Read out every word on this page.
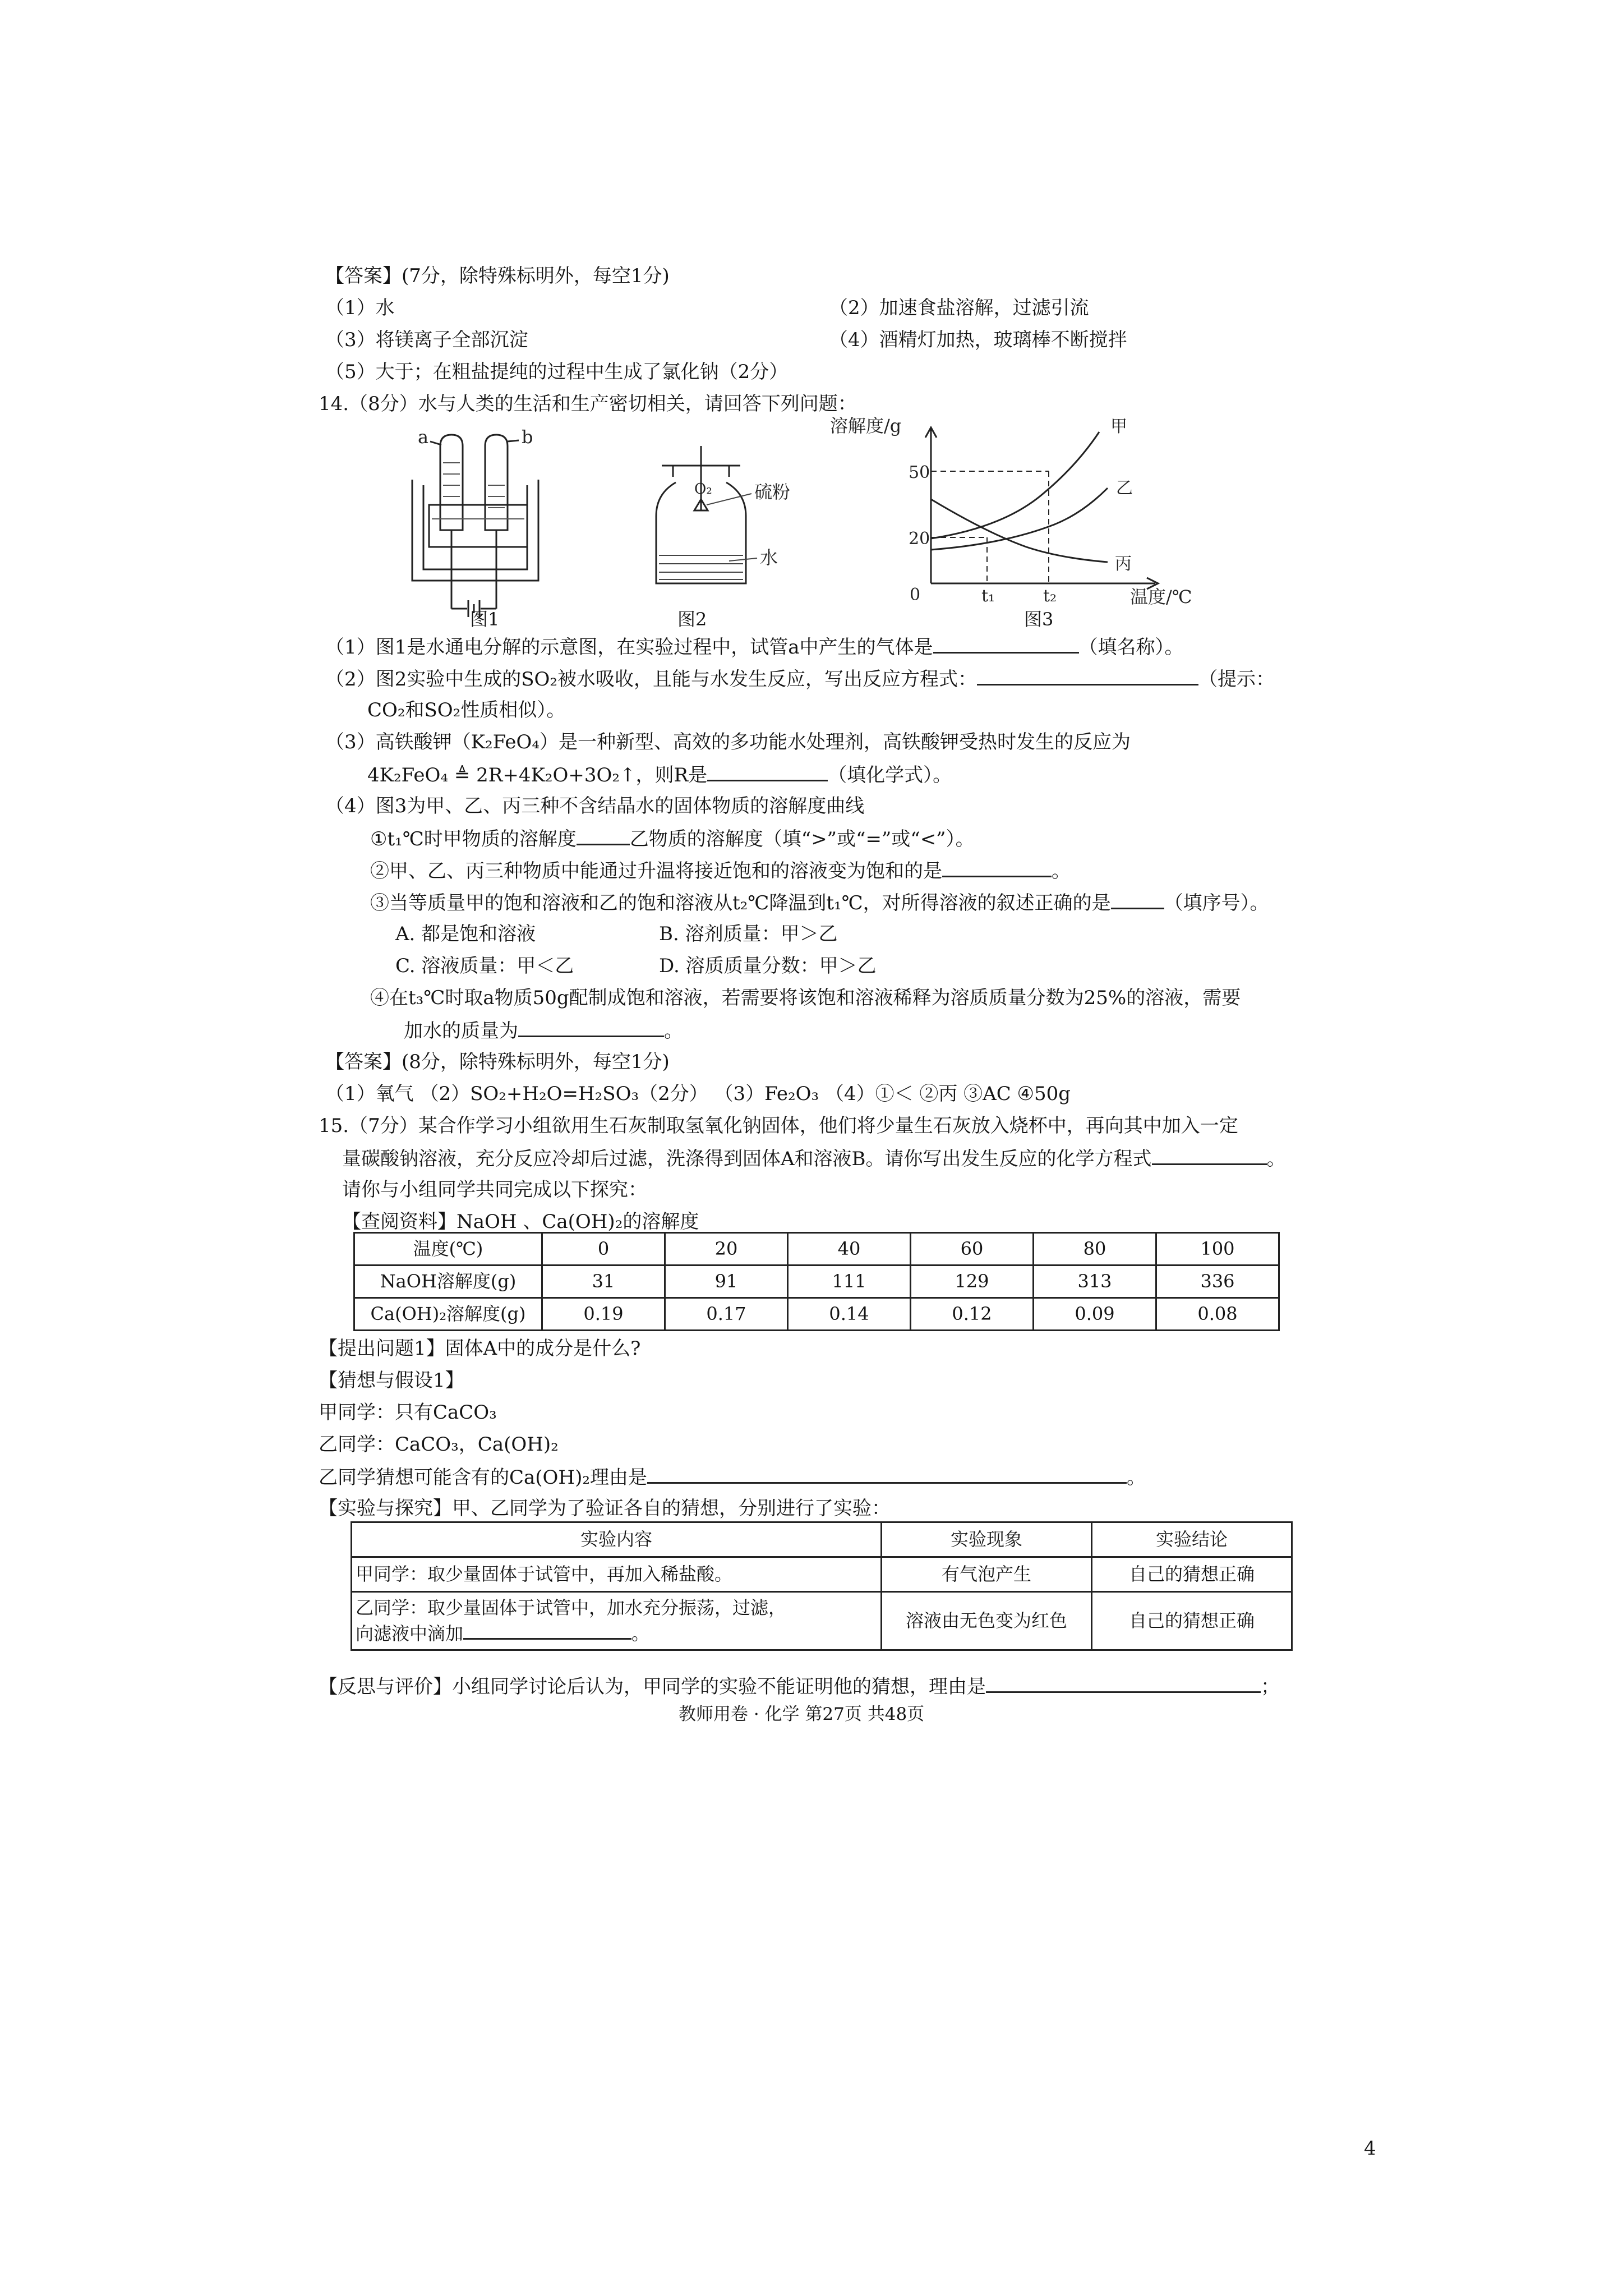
【答案】(7分，除特殊标明外，每空1分)
（1）水	（2）加速食盐溶解，过滤引流
（3）将镁离子全部沉淀	（4）酒精灯加热，玻璃棒不断搅拌
（5）大于；在粗盐提纯的过程中生成了氯化钠（2分）
14.（8分）水与人类的生活和生产密切相关，请回答下列问题：
a	b
图1
O₂ 硫粉
水
图2
溶解度/g
50
20
0	t₁	t₂	温度/℃
甲
乙
丙
图3
（1）图1是水通电分解的示意图，在实验过程中，试管a中产生的气体是	（填名称）。
（2）图2实验中生成的SO₂被水吸收，且能与水发生反应，写出反应方程式：	（提示：
CO₂和SO₂性质相似）。
（3）高铁酸钾（K₂FeO₄）是一种新型、高效的多功能水处理剂，高铁酸钾受热时发生的反应为
4K₂FeO₄ ≜ 2R+4K₂O+3O₂↑，则R是	（填化学式）。
（4）图3为甲、乙、丙三种不含结晶水的固体物质的溶解度曲线
①t₁℃时甲物质的溶解度	乙物质的溶解度（填“>”或“=”或“<”）。
②甲、乙、丙三种物质中能通过升温将接近饱和的溶液变为饱和的是	。
③当等质量甲的饱和溶液和乙的饱和溶液从t₂℃降温到t₁℃，对所得溶液的叙述正确的是	（填序号）。
A. 都是饱和溶液	B. 溶剂质量：甲＞乙
C. 溶液质量：甲＜乙	D. 溶质质量分数：甲＞乙
④在t₃℃时取a物质50g配制成饱和溶液，若需要将该饱和溶液稀释为溶质质量分数为25%的溶液，需要
加水的质量为	。
【答案】(8分，除特殊标明外，每空1分)
（1）氧气 （2）SO₂+H₂O=H₂SO₃（2分） （3）Fe₂O₃ （4）①＜ ②丙 ③AC ④50g
15.（7分）某合作学习小组欲用生石灰制取氢氧化钠固体，他们将少量生石灰放入烧杯中，再向其中加入一定
量碳酸钠溶液，充分反应冷却后过滤，洗涤得到固体A和溶液B。请你写出发生反应的化学方程式	。
请你与小组同学共同完成以下探究：
【查阅资料】NaOH 、Ca(OH)₂的溶解度
温度(℃)	0	20	40	60	80	100
NaOH溶解度(g)	31	91	111	129	313	336
Ca(OH)₂溶解度(g)	0.19	0.17	0.14	0.12	0.09	0.08
【提出问题1】固体A中的成分是什么?
【猜想与假设1】
甲同学：只有CaCO₃
乙同学：CaCO₃，Ca(OH)₂
乙同学猜想可能含有的Ca(OH)₂理由是	。
【实验与探究】甲、乙同学为了验证各自的猜想，分别进行了实验：
实验内容	实验现象	实验结论
甲同学：取少量固体于试管中，再加入稀盐酸。	有气泡产生	自己的猜想正确

乙同学：取少量固体于试管中，加水充分振荡，过滤，
向滤液中滴加 。	溶液由无色变为红色	自己的猜想正确
【反思与评价】小组同学讨论后认为，甲同学的实验不能证明他的猜想，理由是	；
教师用卷 · 化学 第27页 共48页
4
